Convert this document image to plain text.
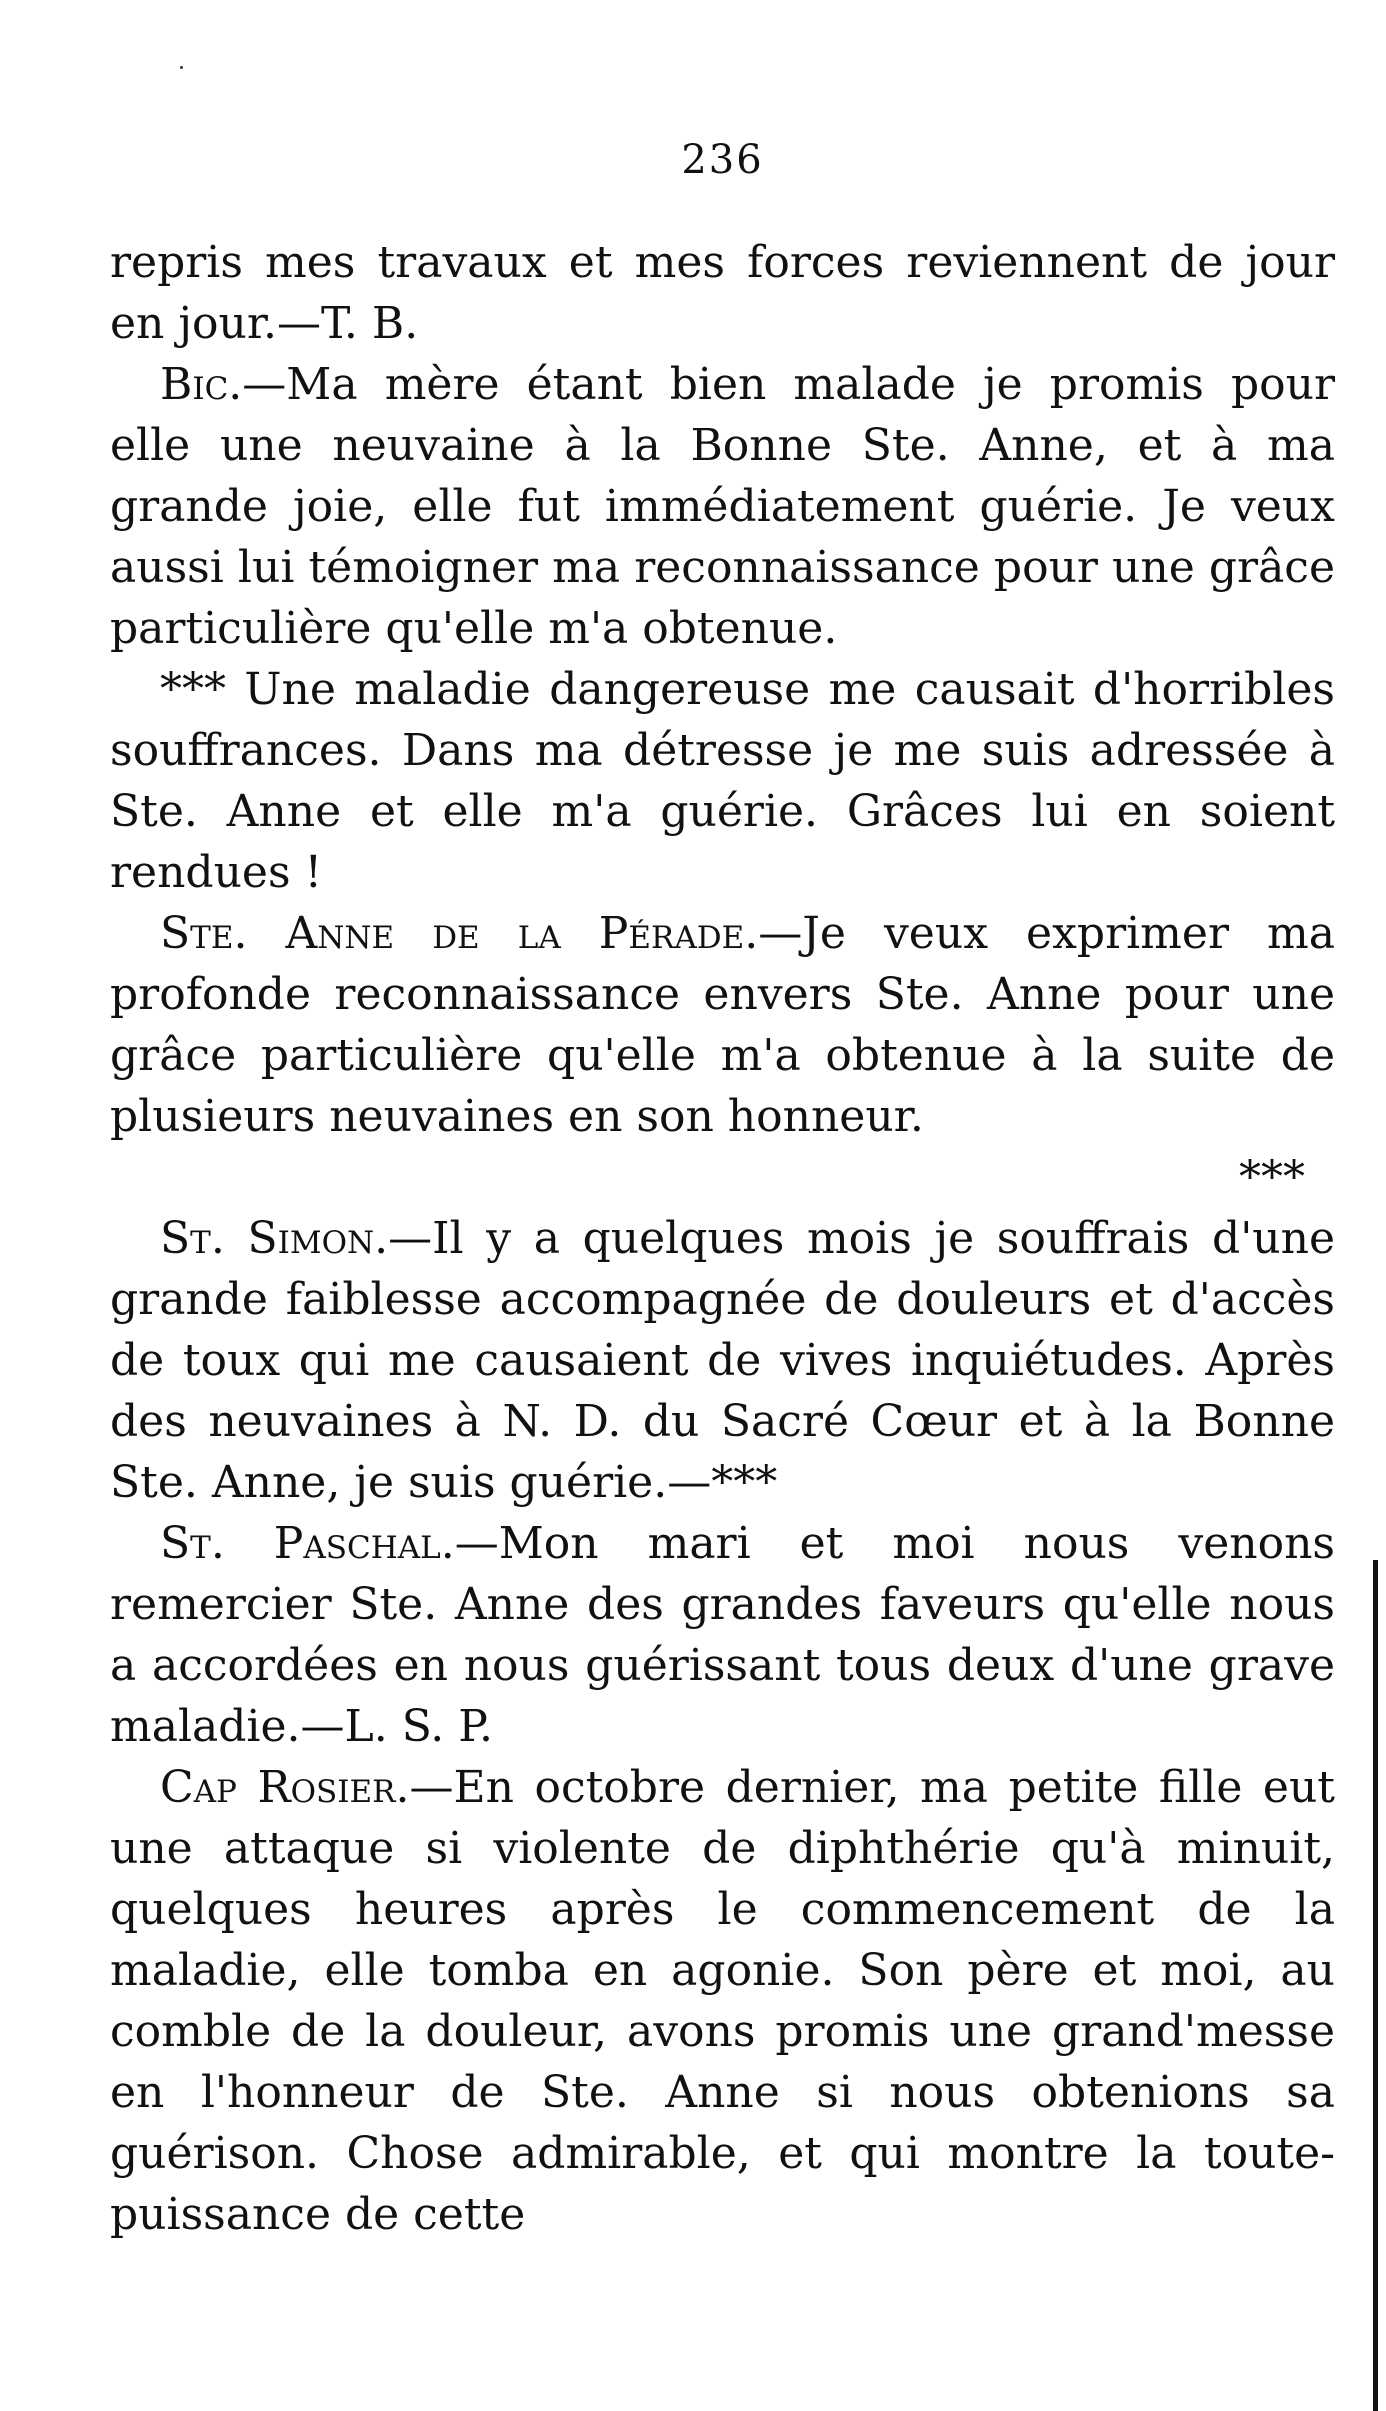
236

repris mes travaux et mes forces reviennent de jour en jour.—T. B.

Bic.—Ma mère étant bien malade je promis pour elle une neuvaine à la Bonne Ste. Anne, et à ma grande joie, elle fut immédiatement guérie. Je veux aussi lui témoigner ma reconnaissance pour une grâce particulière qu'elle m'a obtenue.

*** Une maladie dangereuse me causait d'horribles souffrances. Dans ma détresse je me suis adressée à Ste. Anne et elle m'a guérie. Grâces lui en soient rendues !

Ste. Anne de la Pérade.—Je veux exprimer ma profonde reconnaissance envers Ste. Anne pour une grâce particulière qu'elle m'a obtenue à la suite de plusieurs neuvaines en son honneur.

***

St. Simon.—Il y a quelques mois je souffrais d'une grande faiblesse accompagnée de douleurs et d'accès de toux qui me causaient de vives inquiétudes. Après des neuvaines à N. D. du Sacré Cœur et à la Bonne Ste. Anne, je suis guérie.—***

St. Paschal.—Mon mari et moi nous venons remercier Ste. Anne des grandes faveurs qu'elle nous a accordées en nous guérissant tous deux d'une grave maladie.—L. S. P.

Cap Rosier.—En octobre dernier, ma petite fille eut une attaque si violente de diphthérie qu'à minuit, quelques heures après le commencement de la maladie, elle tomba en agonie. Son père et moi, au comble de la douleur, avons promis une grand'messe en l'honneur de Ste. Anne si nous obtenions sa guérison. Chose admirable, et qui montre la toute-puissance de cette
